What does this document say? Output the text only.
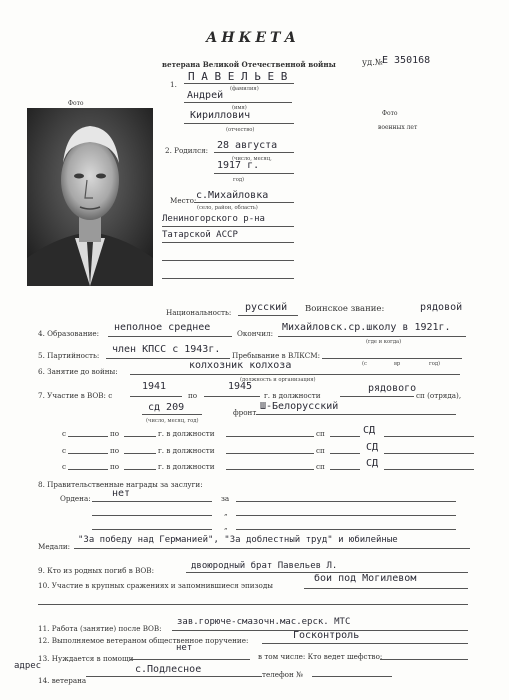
АНКЕТА
ветерана Великой Отечественной войны	уд.№ Е 350168
Фото
Фото
военных лет
1.
П А В Е Л Ь Е В
(фамилия)
Андрей
(имя)
Кириллович
(отчество)
2. Родился: 28 августа
(число, месяц,
1917 г.
год)
Место: с.Михайловка
(село, район, область)
Лениногорского р-на
Татарской АССР
Национальность: русский Воинское звание:	рядовой
4. Образование:
неполное среднее
Окончил:
Михайловск.ср.школу в 1921г.
(где и когда)
5. Партийность:
член КПСС с 1943г.
Пребывание в ВЛКСМ:
(с	вр	год)
6. Занятие до войны:
колхозник колхоза
(должность и организация)
7. Участие в ВОВ: с
1941
по
1945
г. в должности
рядового
сп (отряда),
сд 209	фронт
Ш-Белорусский
(число, месяц, год)
с	по	г. в должности	сп	СД
с	по	г. в должности	сп	СД
с	по	г. в должности	сп	СД
8. Правительственные награды за заслуги:
Ордена: нет	за
„
„
Медали:
"За победу над Германией", "За доблестный труд" и юбилейные
9. Кто из родных погиб в ВОВ:	двоюродный брат Павельев Л.
10. Участие в крупных сражениях и запомнившиеся эпизоды
бои под Могилевом
11. Работа (занятие) после ВОВ:
зав.горюче-смазочн.мас.ерск. МТС
12. Выполняемое ветераном общественное поручение:	Госконтроль
13. Нуждается в помощи
нет
в том числе: Кто ведет шефство:
адрес
14. ветерана
с.Подлесное	телефон №
